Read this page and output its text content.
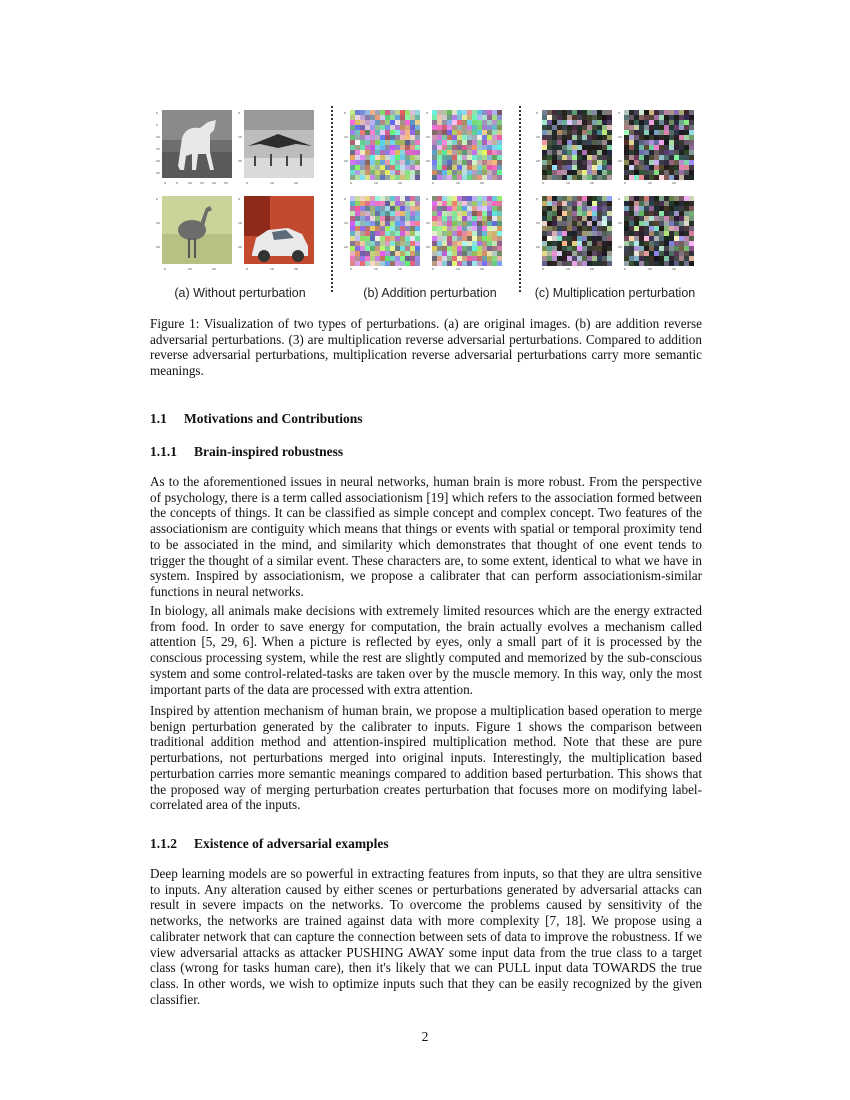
0
5
10
15
20
25
0	5	10	15	20	25
0
10
20
0	10	20
0
10
20
0	10	20
0
10
20
0	10	20
(a) Without perturbation
0
0
10
10
20
20
0
0
10
10
20
20
0
0
10
10
20
20
0
0
10
10
20
20
(b) Addition perturbation
0
0
10
10
20
20
0
0
10
10
20
20
0
0
10
10
20
20
0
0
10
10
20
20
(c) Multiplication perturbation
Figure 1: Visualization of two types of perturbations. (a) are original images. (b) are addition reverse adversarial perturbations. (3) are multiplication reverse adversarial perturbations. Compared to addition reverse adversarial perturbations, multiplication reverse adversarial perturbations carry more semantic meanings.
1.1 Motivations and Contributions
1.1.1 Brain-inspired robustness

As to the aforementioned issues in neural networks, human brain is more robust. From the perspective of psychology, there is a term called associationism [19] which refers to the association formed between the concepts of things. It can be classified as simple concept and complex concept. Two features of the associationism are contiguity which means that things or events with spatial or temporal proximity tend to be associated in the mind, and similarity which demonstrates that thought of one event tends to trigger the thought of a similar event. These characters are, to some extent, identical to what we have in system. Inspired by associationism, we propose a calibrater that can perform associationism-similar functions in neural networks.

In biology, all animals make decisions with extremely limited resources which are the energy extracted from food. In order to save energy for computation, the brain actually evolves a mechanism called attention [5, 29, 6]. When a picture is reflected by eyes, only a small part of it is processed by the conscious processing system, while the rest are slightly computed and memorized by the sub-conscious system and some control-related-tasks are taken over by the muscle memory. In this way, only the most important parts of the data are processed with extra attention.

Inspired by attention mechanism of human brain, we propose a multiplication based operation to merge benign perturbation generated by the calibrater to inputs. Figure 1 shows the comparison between traditional addition method and attention-inspired multiplication method. Note that these are pure perturbations, not perturbations merged into original inputs. Interestingly, the multiplication based perturbation carries more semantic meanings compared to addition based perturbation. This shows that the proposed way of merging perturbation creates perturbation that focuses more on modifying label-correlated area of the inputs.

1.1.2 Existence of adversarial examples

Deep learning models are so powerful in extracting features from inputs, so that they are ultra sensitive to inputs. Any alteration caused by either scenes or perturbations generated by adversarial attacks can result in severe impacts on the networks. To overcome the problems caused by sensitivity of the networks, the networks are trained against data with more complexity [7, 18]. We propose using a calibrater network that can capture the connection between sets of data to improve the robustness. If we view adversarial attacks as attacker PUSHING AWAY some input data from the true class to a target class (wrong for tasks human care), then it's likely that we can PULL input data TOWARDS the true class. In other words, we wish to optimize inputs such that they can be easily recognized by the given classifier.

2
